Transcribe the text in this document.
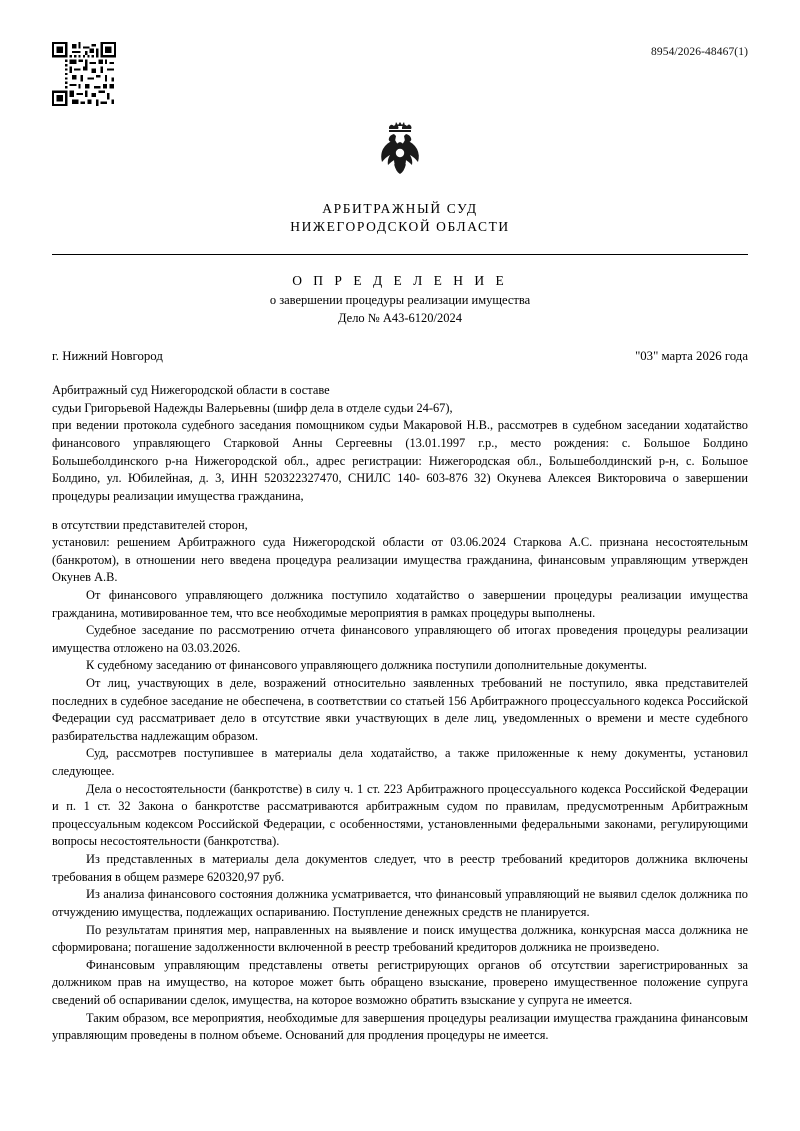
8954/2026-48467(1)
АРБИТРАЖНЫЙ СУД
НИЖЕГОРОДСКОЙ ОБЛАСТИ
О П Р Е Д Е Л Е Н И Е
о завершении процедуры реализации имущества
Дело № А43-6120/2024
г. Нижний Новгород	"03" марта 2026 года

Арбитражный суд Нижегородской области в составе

судьи Григорьевой Надежды Валерьевны (шифр дела в отделе судьи 24-67),

при ведении протокола судебного заседания помощником судьи Макаровой Н.В., рассмотрев в судебном заседании ходатайство финансового управляющего Старковой Анны Сергеевны (13.01.1997 г.р., место рождения: с. Большое Болдино Большеболдинского р-на Нижегородской обл., адрес регистрации: Нижегородская обл., Большеболдинский р-н, с. Большое Болдино, ул. Юбилейная, д. 3, ИНН 520322327470, СНИЛС 140- 603-876 32) Окунева Алексея Викторовича о завершении процедуры реализации имущества гражданина,

в отсутствии представителей сторон,

установил: решением Арбитражного суда Нижегородской области от 03.06.2024 Старкова А.С. признана несостоятельным (банкротом), в отношении него введена процедура реализации имущества гражданина, финансовым управляющим утвержден Окунев А.В.

От финансового управляющего должника поступило ходатайство о завершении процедуры реализации имущества гражданина, мотивированное тем, что все необходимые мероприятия в рамках процедуры выполнены.

Судебное заседание по рассмотрению отчета финансового управляющего об итогах проведения процедуры реализации имущества отложено на 03.03.2026.

К судебному заседанию от финансового управляющего должника поступили дополнительные документы.

От лиц, участвующих в деле, возражений относительно заявленных требований не поступило, явка представителей последних в судебное заседание не обеспечена, в соответствии со статьей 156 Арбитражного процессуального кодекса Российской Федерации суд рассматривает дело в отсутствие явки участвующих в деле лиц, уведомленных о времени и месте судебного разбирательства надлежащим образом.

Суд, рассмотрев поступившее в материалы дела ходатайство, а также приложенные к нему документы, установил следующее.

Дела о несостоятельности (банкротстве) в силу ч. 1 ст. 223 Арбитражного процессуального кодекса Российской Федерации и п. 1 ст. 32 Закона о банкротстве рассматриваются арбитражным судом по правилам, предусмотренным Арбитражным процессуальным кодексом Российской Федерации, с особенностями, установленными федеральными законами, регулирующими вопросы несостоятельности (банкротства).

Из представленных в материалы дела документов следует, что в реестр требований кредиторов должника включены требования в общем размере 620320,97 руб.

Из анализа финансового состояния должника усматривается, что финансовый управляющий не выявил сделок должника по отчуждению имущества, подлежащих оспариванию. Поступление денежных средств не планируется.

По результатам принятия мер, направленных на выявление и поиск имущества должника, конкурсная масса должника не сформирована; погашение задолженности включенной в реестр требований кредиторов должника не произведено.

Финансовым управляющим представлены ответы регистрирующих органов об отсутствии зарегистрированных за должником прав на имущество, на которое может быть обращено взыскание, проверено имущественное положение супруга сведений об оспаривании сделок, имущества, на которое возможно обратить взыскание у супруга не имеется.

Таким образом, все мероприятия, необходимые для завершения процедуры реализации имущества гражданина финансовым управляющим проведены в полном объеме. Оснований для продления процедуры не имеется.
